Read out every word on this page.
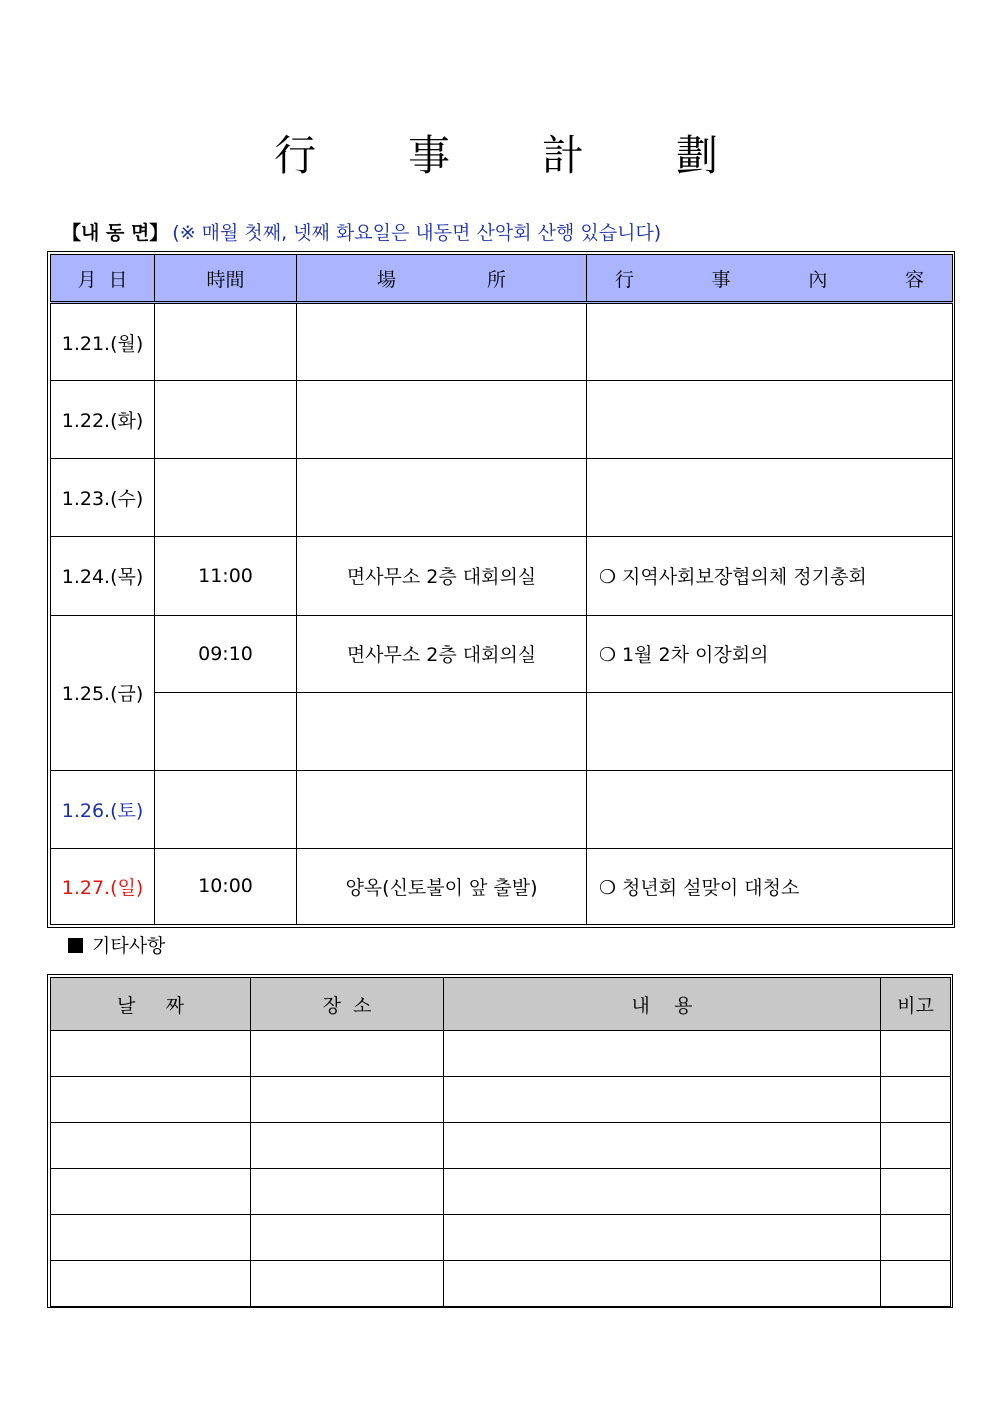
行 事 計 劃
【내 동 면】 (※ 매월 첫째, 넷째 화요일은 내동면 산악회 산행 있습니다)
月 日	時間	場 所	行 事 內 容

1.21.(월)			
1.22.(화)			
1.23.(수)			
1.24.(목)	11:00	면사무소 2층 대회의실	❍ 지역사회보장협의체 정기총회
1.25.(금)	09:10	면사무소 2층 대회의실	❍ 1월 2차 이장회의

1.26.(토)			
1.27.(일)	10:00	양옥(신토불이 앞 출발)	❍ 청년회 설맞이 대청소
기타사항
날 짜	장 소	내 용	비고
